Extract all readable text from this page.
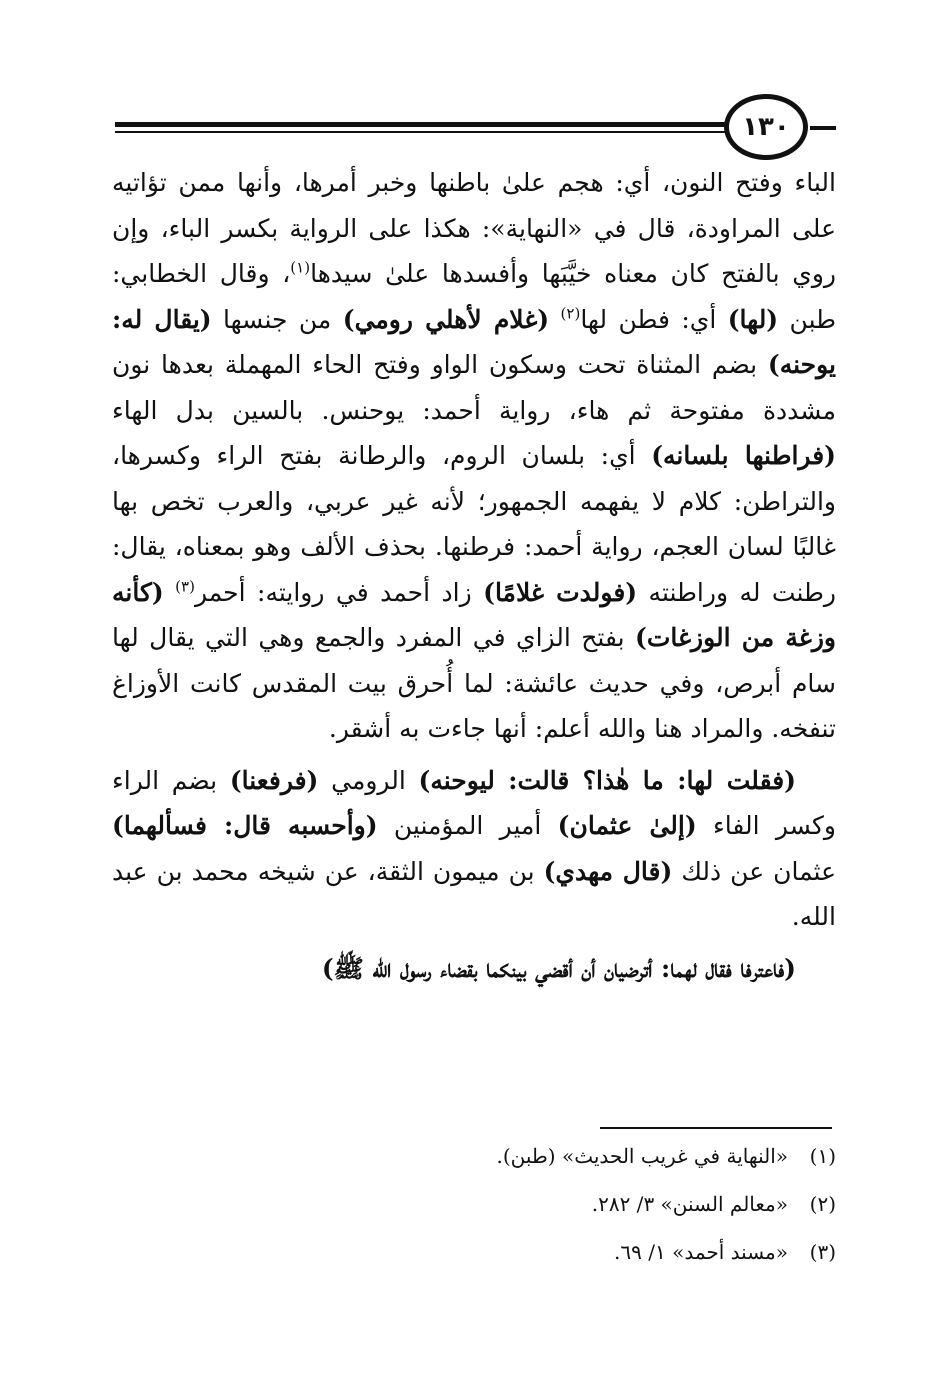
١٣٠

الباء وفتح النون، أي: هجم علىٰ باطنها وخبر أمرها، وأنها ممن تؤاتيه على المراودة، قال في «النهاية»: هكذا على الرواية بكسر الباء، وإن روي بالفتح كان معناه خيَّبَها وأفسدها علىٰ سيدها$^{(١)}$، وقال الخطابي: طبن (لها) أي: فطن لها$^{(٢)}$ (غلام لأهلي رومي) من جنسها (يقال له: يوحنه) بضم المثناة تحت وسكون الواو وفتح الحاء المهملة بعدها نون مشددة مفتوحة ثم هاء، رواية أحمد: يوحنس. بالسين بدل الهاء (فراطنها بلسانه) أي: بلسان الروم، والرطانة بفتح الراء وكسرها، والتراطن: كلام لا يفهمه الجمهور؛ لأنه غير عربي، والعرب تخص بها غالبًا لسان العجم، رواية أحمد: فرطنها. بحذف الألف وهو بمعناه، يقال: رطنت له وراطنته (فولدت غلامًا) زاد أحمد في روايته: أحمر$^{(٣)}$ (كأنه وزغة من الوزغات) بفتح الزاي في المفرد والجمع وهي التي يقال لها سام أبرص، وفي حديث عائشة: لما أُحرق بيت المقدس كانت الأوزاغ تنفخه. والمراد هنا والله أعلم: أنها جاءت به أشقر.

(فقلت لها: ما هٰذا؟ قالت: ليوحنه) الرومي (فرفعنا) بضم الراء وكسر الفاء (إلىٰ عثمان) أمير المؤمنين (وأحسبه قال: فسألهما) عثمان عن ذلك (قال مهدي) بن ميمون الثقة، عن شيخه محمد بن عبد الله.

(فاعترفا فقال لهما: أترضيان أن أقضي بينكما بقضاء رسول الله ﷺ)

(١)«النهاية في غريب الحديث» (طبن).
(٢)«معالم السنن» ٣/ ٢٨٢.
(٣)«مسند أحمد» ١/ ٦٩.
